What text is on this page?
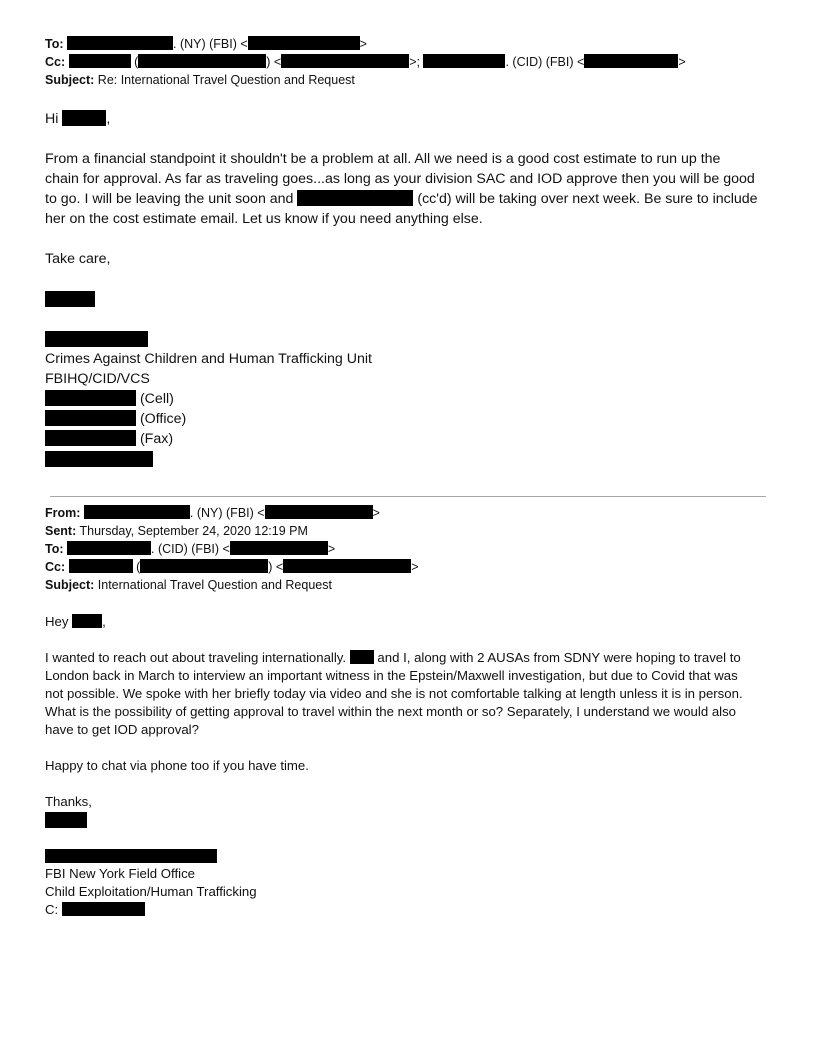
To:	. (NY) (FBI) <	>
Cc:	(	) <	>;	. (CID) (FBI) <	>
Subject: Re: International Travel Question and Request
Hi	,
From a financial standpoint it shouldn't be a problem at all. All we need is a good cost estimate to run up the
chain for approval. As far as traveling goes...as long as your division SAC and IOD approve then you will be good
to go. I will be leaving the unit soon and	(cc'd) will be taking over next week. Be sure to include
her on the cost estimate email. Let us know if you need anything else.
Take care,
Crimes Against Children and Human Trafficking Unit
FBIHQ/CID/VCS
(Cell)
(Office)
(Fax)
From:	. (NY) (FBI) <	>
Sent: Thursday, September 24, 2020 12:19 PM
To:	. (CID) (FBI) <	>
Cc:	(	) <	>
Subject: International Travel Question and Request
Hey	,
I wanted to reach out about traveling internationally. and I, along with 2 AUSAs from SDNY were hoping to travel to
London back in March to interview an important witness in the Epstein/Maxwell investigation, but due to Covid that was
not possible. We spoke with her briefly today via video and she is not comfortable talking at length unless it is in person.
What is the possibility of getting approval to travel within the next month or so? Separately, I understand we would also
have to get IOD approval?
Happy to chat via phone too if you have time.
Thanks,
FBI New York Field Office
Child Exploitation/Human Trafficking
C:
